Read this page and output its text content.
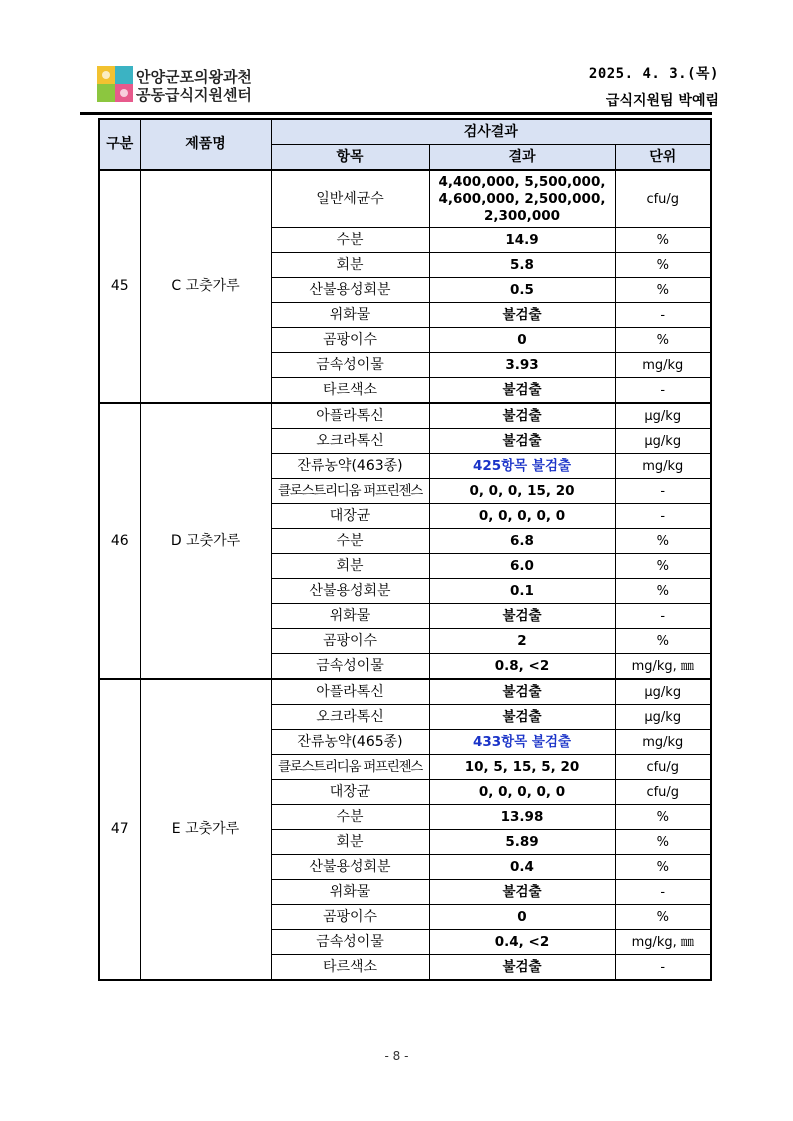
안양군포의왕과천
공동급식지원센터
2025. 4. 3.(목)
급식지원팀 박예림
구분	제품명	검사결과		
		항목	결과	단위
45	C 고춧가루	일반세균수	4,400,000, 5,500,000, 4,600,000, 2,500,000, 2,300,000	cfu/g
		수분	14.9	%
		회분	5.8	%
		산불용성회분	0.5	%
		위화물	불검출	-
		곰팡이수	0	%
		금속성이물	3.93	mg/kg
		타르색소	불검출	-
46	D 고춧가루	아플라톡신	불검출	μg/kg
		오크라톡신	불검출	μg/kg
		잔류농약(463종)	425항목 불검출	mg/kg
		클로스트리디움 퍼프린젠스	0, 0, 0, 15, 20	-
		대장균	0, 0, 0, 0, 0	-
		수분	6.8	%
		회분	6.0	%
		산불용성회분	0.1	%
		위화물	불검출	-
		곰팡이수	2	%
		금속성이물	0.8, <2	mg/kg, ㎜
47	E 고춧가루	아플라톡신	불검출	μg/kg
		오크라톡신	불검출	μg/kg
		잔류농약(465종)	433항목 불검출	mg/kg
		클로스트리디움 퍼프린젠스	10, 5, 15, 5, 20	cfu/g
		대장균	0, 0, 0, 0, 0	cfu/g
		수분	13.98	%
		회분	5.89	%
		산불용성회분	0.4	%
		위화물	불검출	-
		곰팡이수	0	%
		금속성이물	0.4, <2	mg/kg, ㎜
		타르색소	불검출	-
- 8 -
